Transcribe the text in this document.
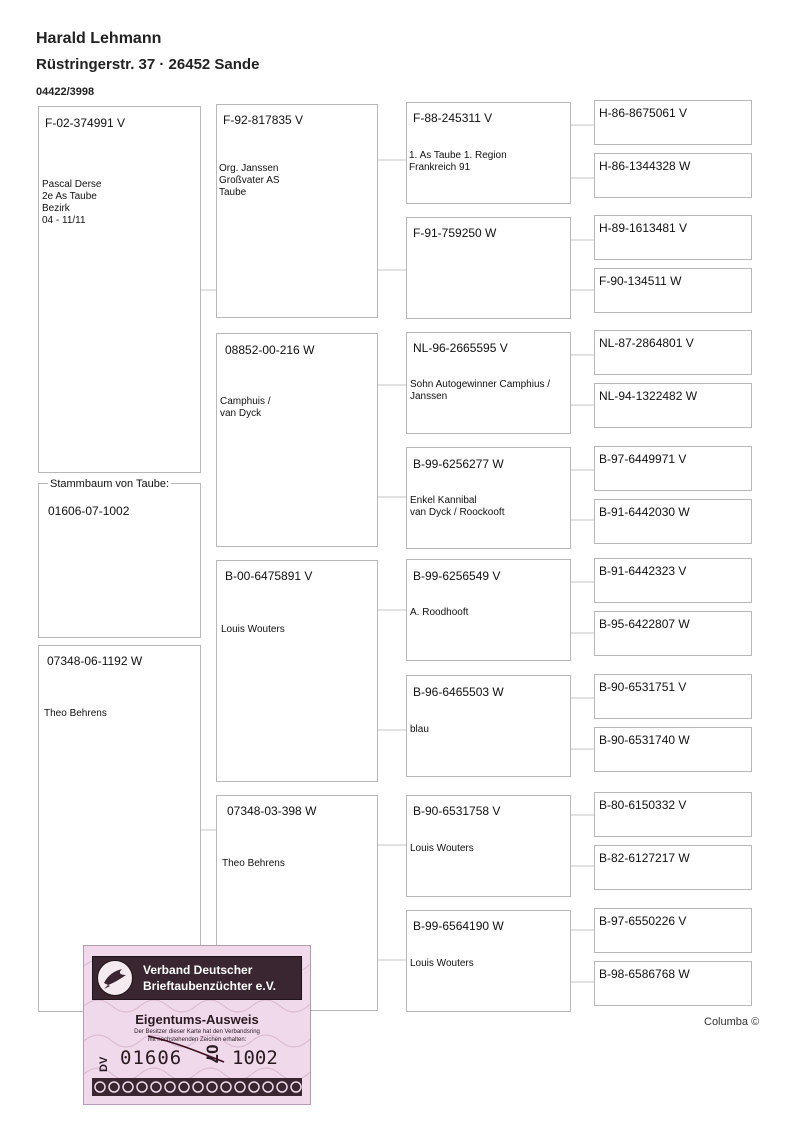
Harald Lehmann
Rüstringerstr. 37 · 26452 Sande
04422/3998
F-02-374991 V
Pascal Derse
2e As Taube
Bezirk
04 - 11/11
Stammbaum von Taube:
01606-07-1002
07348-06-1192 W
Theo Behrens
F-92-817835 V
Org. Janssen
Großvater AS
Taube
08852-00-216 W
Camphuis /
van Dyck
B-00-6475891 V
Louis Wouters
07348-03-398 W
Theo Behrens
F-88-245311 V
1. As Taube 1. Region
Frankreich 91
F-91-759250 W
NL-96-2665595 V
Sohn Autogewinner Camphius /
Janssen
B-99-6256277 W
Enkel Kannibal
van Dyck / Roockooft
B-99-6256549 V
A. Roodhooft
B-96-6465503 W
blau
B-90-6531758 V
Louis Wouters
B-99-6564190 W
Louis Wouters
H-86-8675061 V
H-86-1344328 W
H-89-1613481 V
F-90-134511 W
NL-87-2864801 V
NL-94-1322482 W
B-97-6449971 V
B-91-6442030 W
B-91-6442323 V
B-95-6422807 W
B-90-6531751 V
B-90-6531740 W
B-80-6150332 V
B-82-6127217 W
B-97-6550226 V
B-98-6586768 W
Columba ©
Verband Deutscher
Brieftaubenzüchter e.V.
Eigentums-Ausweis
Der Besitzer dieser Karte hat den Verbandsring
mit nachstehenden Zeichen erhalten:
DV 01606 07 1002
